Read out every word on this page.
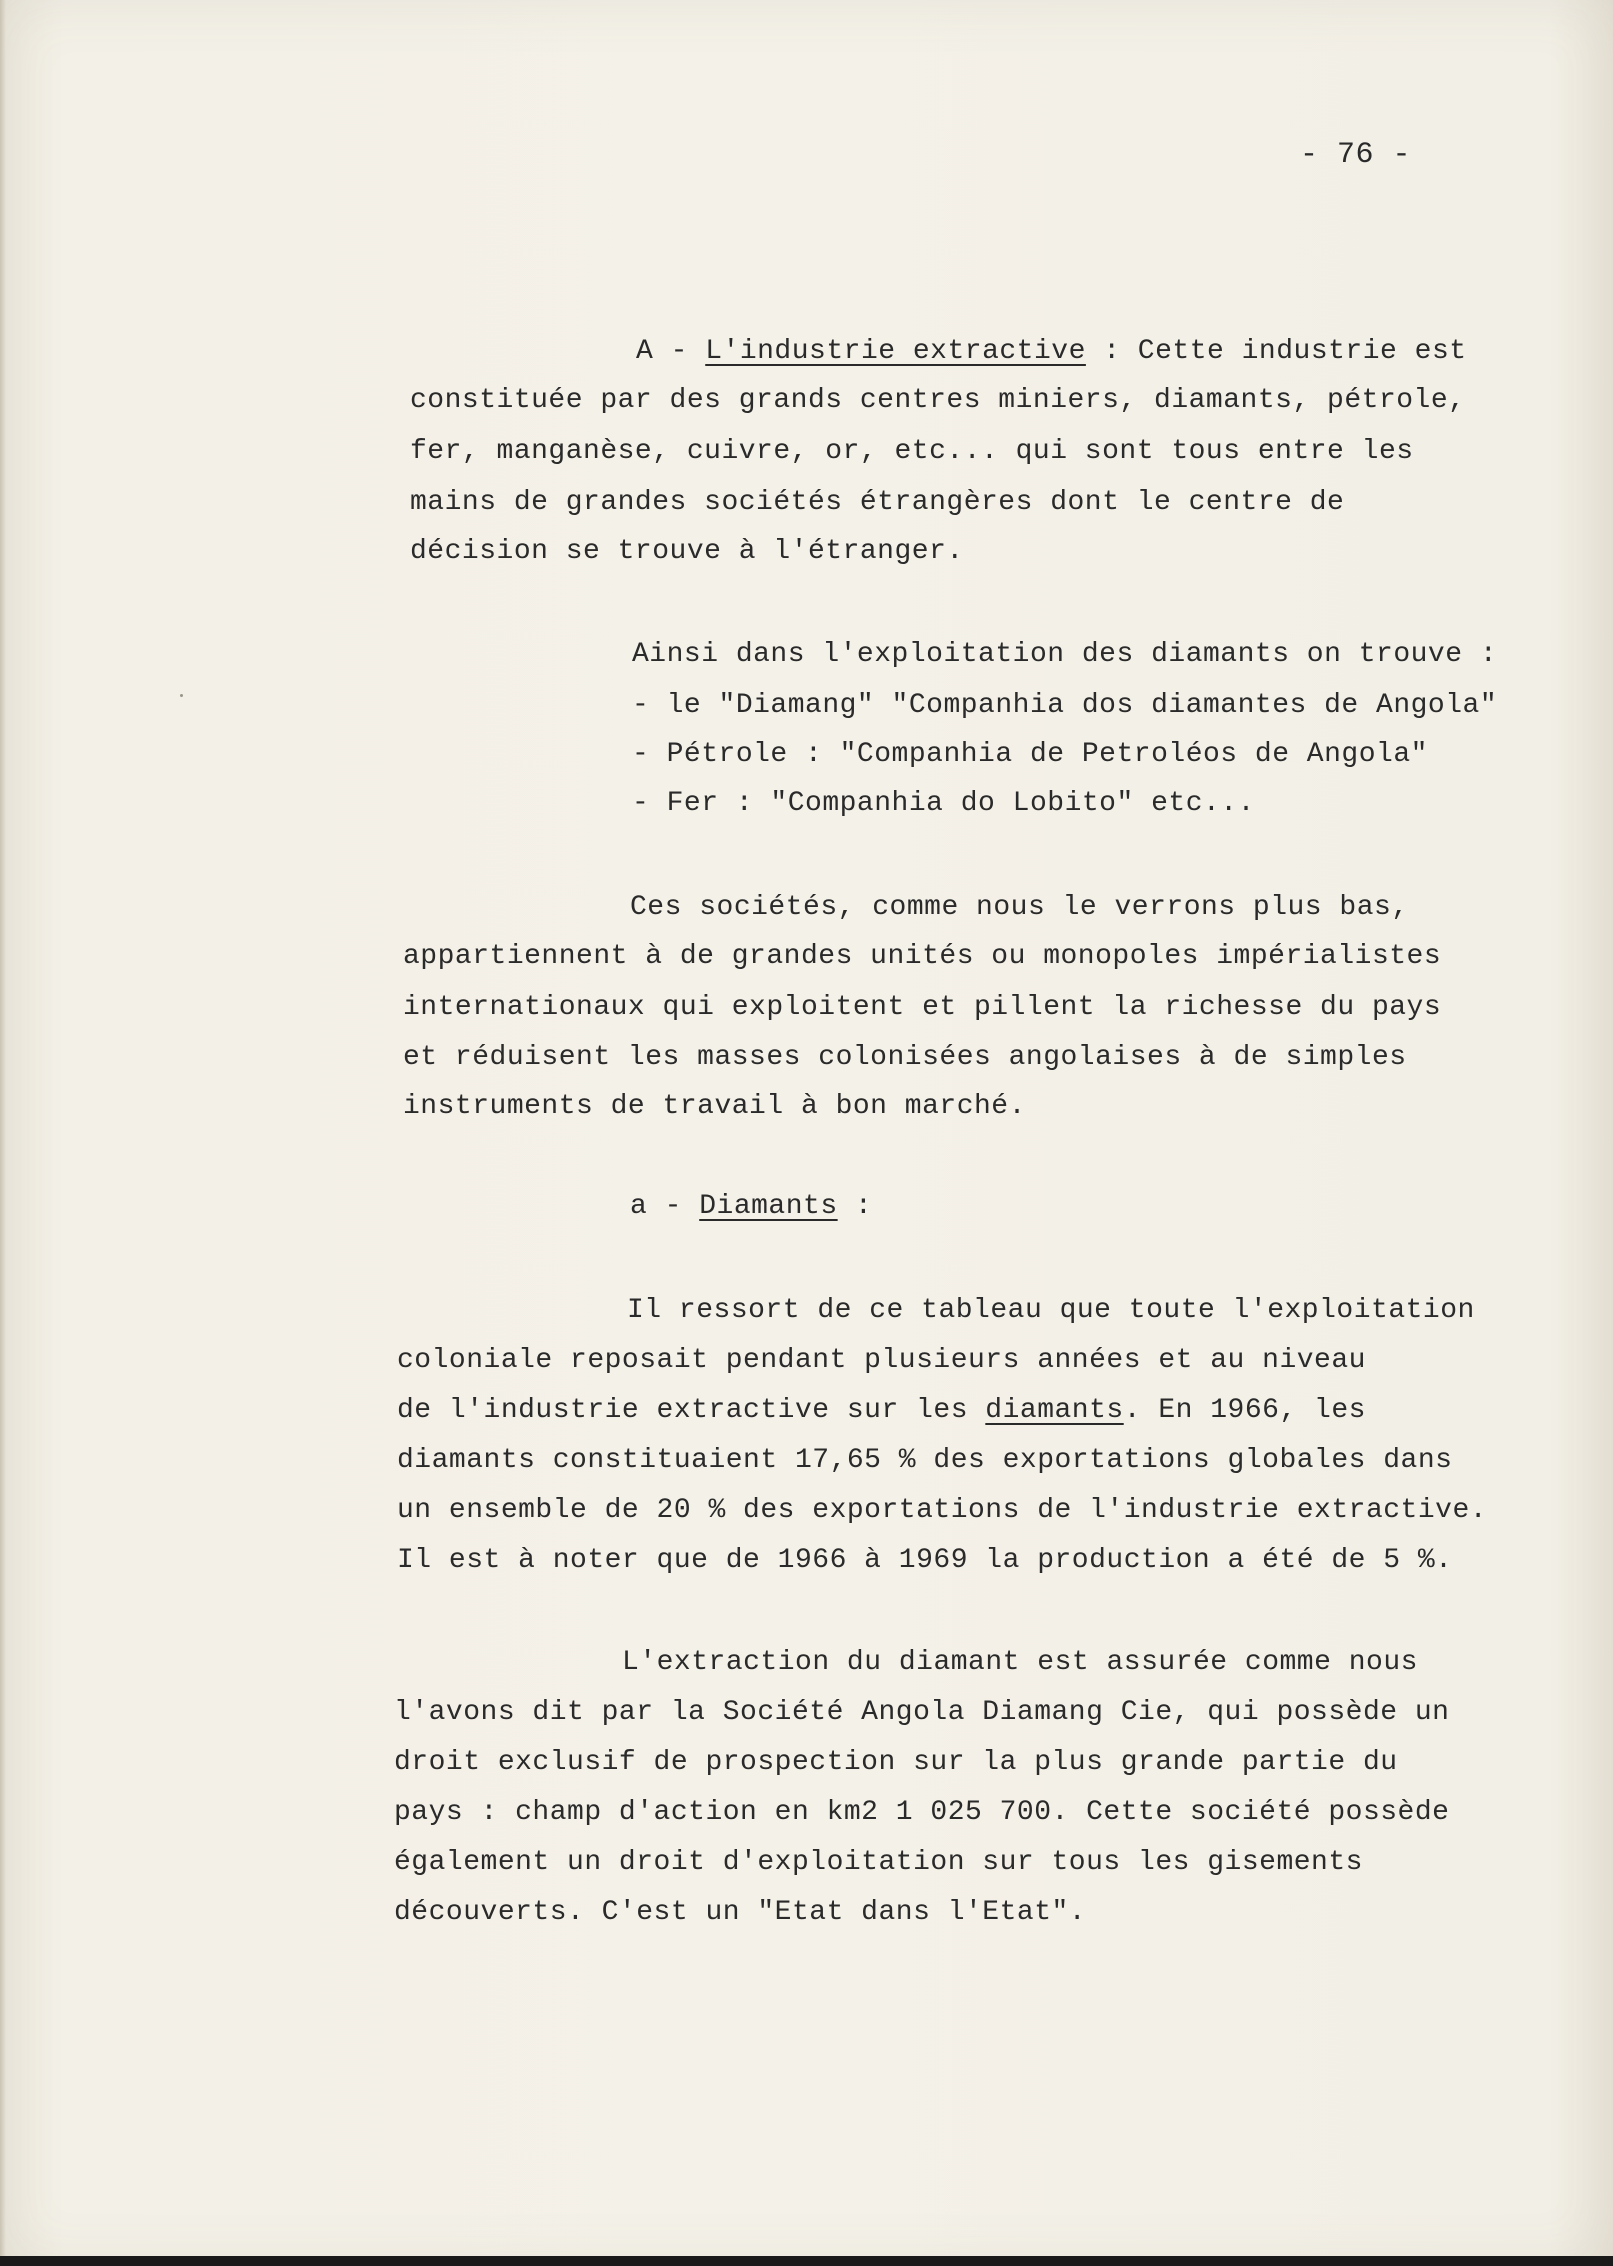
- 76 -
A - L'industrie extractive : Cette industrie est
constituée par des grands centres miniers, diamants, pétrole,
fer, manganèse, cuivre, or, etc... qui sont tous entre les
mains de grandes sociétés étrangères dont le centre de
décision se trouve à l'étranger.
Ainsi dans l'exploitation des diamants on trouve :
- le "Diamang" "Companhia dos diamantes de Angola"
- Pétrole : "Companhia de Petroléos de Angola"
- Fer : "Companhia do Lobito" etc...
Ces sociétés, comme nous le verrons plus bas,
appartiennent à de grandes unités ou monopoles impérialistes
internationaux qui exploitent et pillent la richesse du pays
et réduisent les masses colonisées angolaises à de simples
instruments de travail à bon marché.
a - Diamants :
Il ressort de ce tableau que toute l'exploitation
coloniale reposait pendant plusieurs années et au niveau
de l'industrie extractive sur les diamants. En 1966, les
diamants constituaient 17,65 % des exportations globales dans
un ensemble de 20 % des exportations de l'industrie extractive.
Il est à noter que de 1966 à 1969 la production a été de 5 %.
L'extraction du diamant est assurée comme nous
l'avons dit par la Société Angola Diamang Cie, qui possède un
droit exclusif de prospection sur la plus grande partie du
pays : champ d'action en km2 1 025 700. Cette société possède
également un droit d'exploitation sur tous les gisements
découverts. C'est un "Etat dans l'Etat".
